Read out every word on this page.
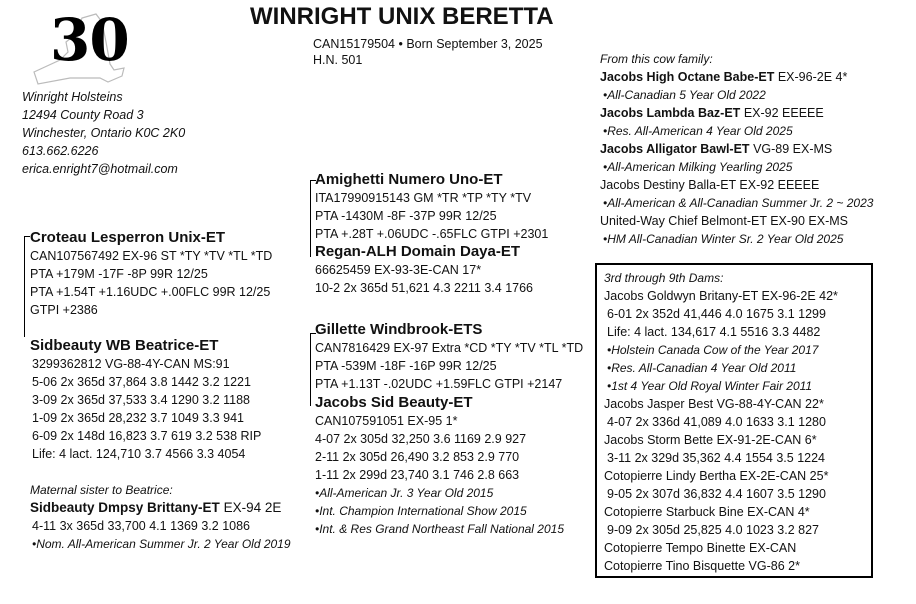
30	WINRIGHT UNIX BERETTA
CAN15179504 • Born September 3, 2025
H.N. 501
Winright Holsteins
12494 County Road 3
Winchester, Ontario K0C 2K0
613.662.6226
erica.enright7@hotmail.com
Croteau Lesperron Unix-ET
CAN107567492 EX-96 ST *TY *TV *TL *TD
PTA +179M -17F -8P 99R 12/25
PTA +1.54T +1.16UDC +.00FLC 99R 12/25
GTPI +2386
Sidbeauty WB Beatrice-ET
3299362812 VG-88-4Y-CAN MS:91
5-06 2x 365d 37,864 3.8 1442 3.2 1221
3-09 2x 365d 37,533 3.4 1290 3.2 1188
1-09 2x 365d 28,232 3.7 1049 3.3 941
6-09 2x 148d 16,823 3.7 619 3.2 538 RIP
Life: 4 lact. 124,710 3.7 4566 3.3 4054
Maternal sister to Beatrice:
Sidbeauty Dmpsy Brittany-ET EX-94 2E
4-11 3x 365d 33,700 4.1 1369 3.2 1086
•Nom. All-American Summer Jr. 2 Year Old 2019
Amighetti Numero Uno-ET
ITA17990915143 GM *TR *TP *TY *TV
PTA -1430M -8F -37P 99R 12/25
PTA +.28T +.06UDC -.65FLC GTPI +2301
Regan-ALH Domain Daya-ET
66625459 EX-93-3E-CAN 17*
10-2 2x 365d 51,621 4.3 2211 3.4 1766
Gillette Windbrook-ETS
CAN7816429 EX-97 Extra *CD *TY *TV *TL *TD
PTA -539M -18F -16P 99R 12/25
PTA +1.13T -.02UDC +1.59FLC GTPI +2147
Jacobs Sid Beauty-ET
CAN107591051 EX-95 1*
4-07 2x 305d 32,250 3.6 1169 2.9 927
2-11 2x 305d 26,490 3.2 853 2.9 770
1-11 2x 299d 23,740 3.1 746 2.8 663
•All-American Jr. 3 Year Old 2015
•Int. Champion International Show 2015
•Int. & Res Grand Northeast Fall National 2015
From this cow family:
Jacobs High Octane Babe-ET EX-96-2E 4*
•All-Canadian 5 Year Old 2022
Jacobs Lambda Baz-ET EX-92 EEEEE
•Res. All-American 4 Year Old 2025
Jacobs Alligator Bawl-ET VG-89 EX-MS
•All-American Milking Yearling 2025
Jacobs Destiny Balla-ET EX-92 EEEEE
•All-American & All-Canadian Summer Jr. 2 ~ 2023
United-Way Chief Belmont-ET EX-90 EX-MS
•HM All-Canadian Winter Sr. 2 Year Old 2025
3rd through 9th Dams:
Jacobs Goldwyn Britany-ET EX-96-2E 42*
6-01 2x 352d 41,446 4.0 1675 3.1 1299
Life: 4 lact. 134,617 4.1 5516 3.3 4482
•Holstein Canada Cow of the Year 2017
•Res. All-Canadian 4 Year Old 2011
•1st 4 Year Old Royal Winter Fair 2011
Jacobs Jasper Best VG-88-4Y-CAN 22*
4-07 2x 336d 41,089 4.0 1633 3.1 1280
Jacobs Storm Bette EX-91-2E-CAN 6*
3-11 2x 329d 35,362 4.4 1554 3.5 1224
Cotopierre Lindy Bertha EX-2E-CAN 25*
9-05 2x 307d 36,832 4.4 1607 3.5 1290
Cotopierre Starbuck Bine EX-CAN 4*
9-09 2x 305d 25,825 4.0 1023 3.2 827
Cotopierre Tempo Binette EX-CAN
Cotopierre Tino Bisquette VG-86 2*
